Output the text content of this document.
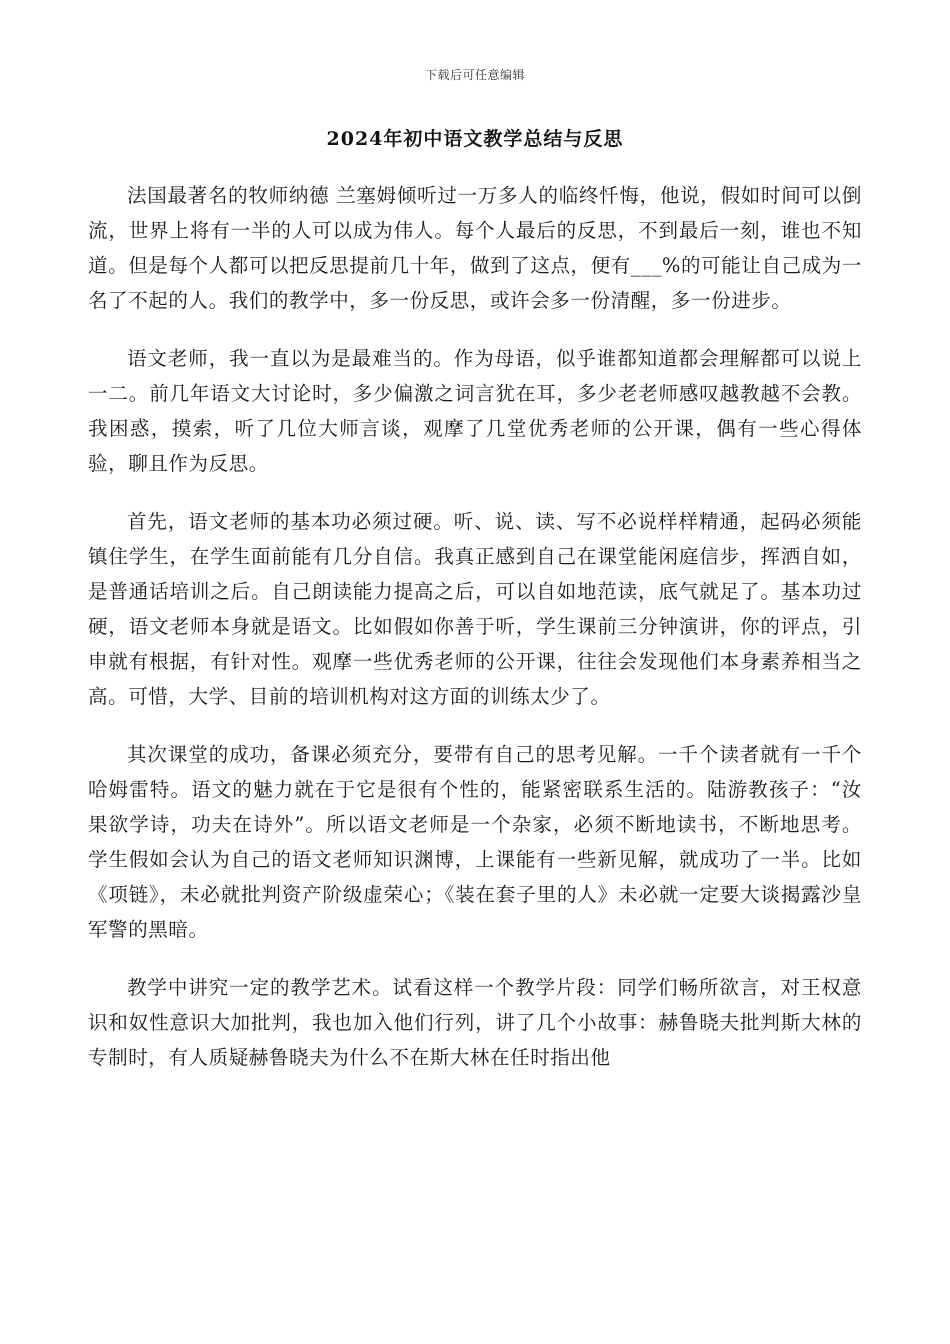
下载后可任意编辑
2024年初中语文教学总结与反思

法国最著名的牧师纳德 兰塞姆倾听过一万多人的临终忏悔，他说，假如时间可以倒流，世界上将有一半的人可以成为伟人。每个人最后的反思，不到最后一刻，谁也不知道。但是每个人都可以把反思提前几十年，做到了这点，便有___%的可能让自己成为一名了不起的人。我们的教学中，多一份反思，或许会多一份清醒，多一份进步。

语文老师，我一直以为是最难当的。作为母语，似乎谁都知道都会理解都可以说上一二。前几年语文大讨论时，多少偏激之词言犹在耳，多少老老师感叹越教越不会教。我困惑，摸索，听了几位大师言谈，观摩了几堂优秀老师的公开课，偶有一些心得体验，聊且作为反思。

首先，语文老师的基本功必须过硬。听、说、读、写不必说样样精通，起码必须能镇住学生，在学生面前能有几分自信。我真正感到自己在课堂能闲庭信步，挥洒自如，是普通话培训之后。自己朗读能力提高之后，可以自如地范读，底气就足了。基本功过硬，语文老师本身就是语文。比如假如你善于听，学生课前三分钟演讲，你的评点，引申就有根据，有针对性。观摩一些优秀老师的公开课，往往会发现他们本身素养相当之高。可惜，大学、目前的培训机构对这方面的训练太少了。

其次课堂的成功，备课必须充分，要带有自己的思考见解。一千个读者就有一千个哈姆雷特。语文的魅力就在于它是很有个性的，能紧密联系生活的。陆游教孩子：“汝果欲学诗，功夫在诗外”。所以语文老师是一个杂家，必须不断地读书，不断地思考。学生假如会认为自己的语文老师知识渊博，上课能有一些新见解，就成功了一半。比如《项链》，未必就批判资产阶级虚荣心；《装在套子里的人》未必就一定要大谈揭露沙皇军警的黑暗。

教学中讲究一定的教学艺术。试看这样一个教学片段：同学们畅所欲言，对王权意识和奴性意识大加批判，我也加入他们行列，讲了几个小故事：赫鲁晓夫批判斯大林的专制时，有人质疑赫鲁晓夫为什么不在斯大林在任时指出他
